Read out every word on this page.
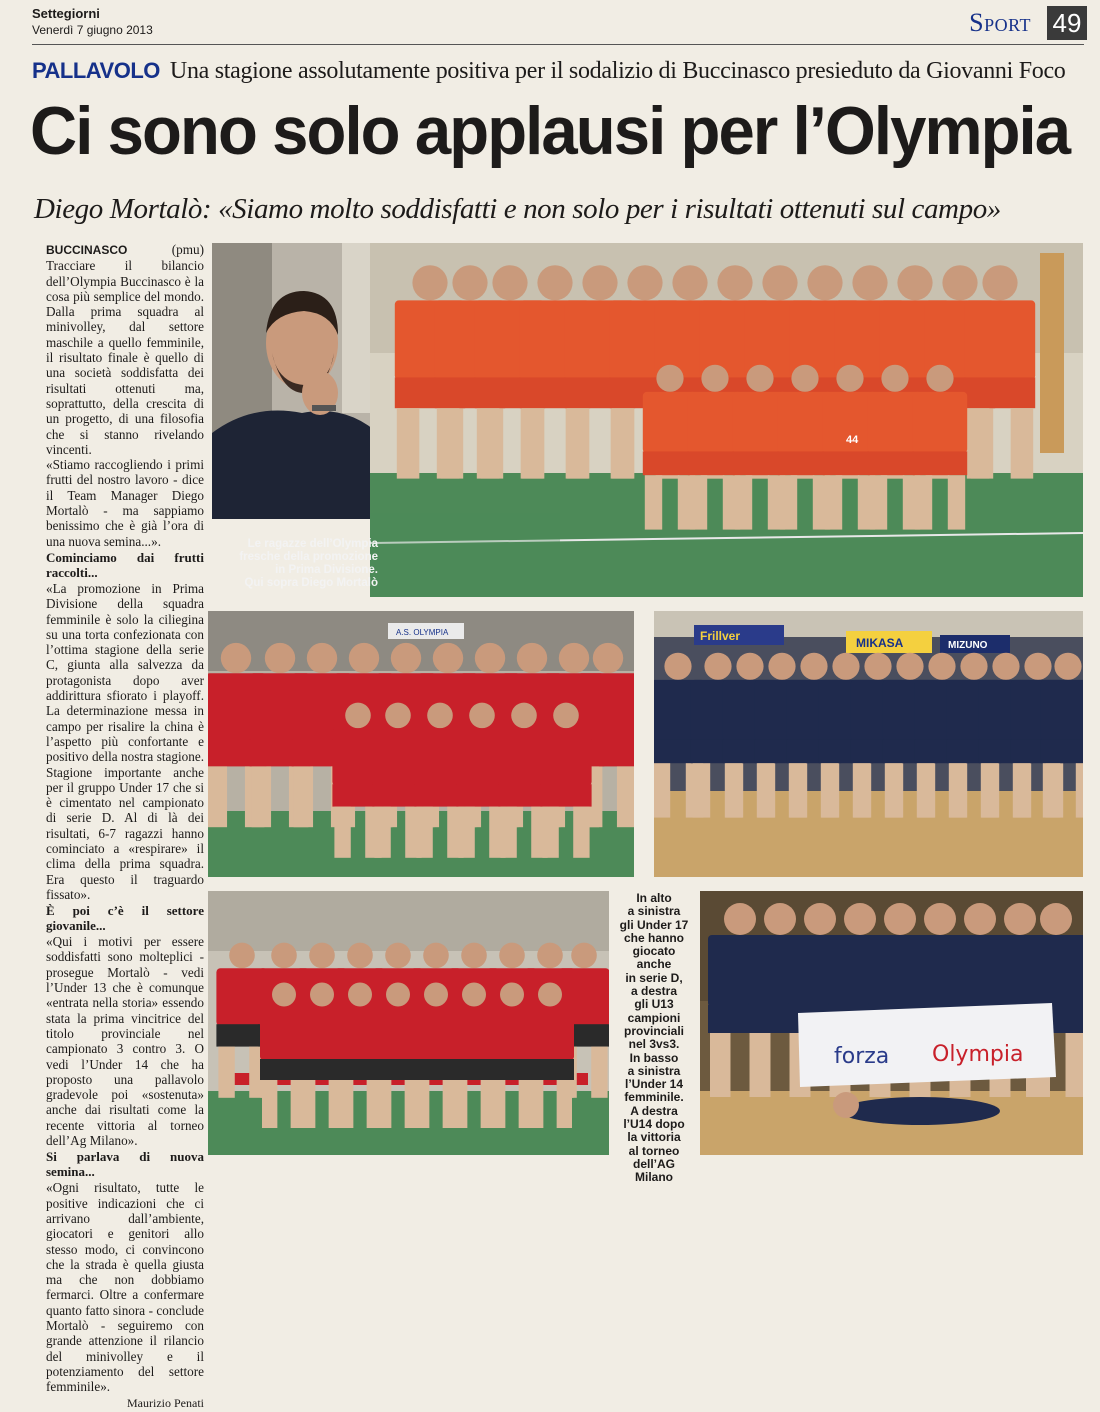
Settegiorni
Venerdì 7 giugno 2013	Sport 49
PALLAVOLO Una stagione assolutamente positiva per il sodalizio di Buccinasco presieduto da Giovanni Foco
Ci sono solo applausi per l’Olympia
Diego Mortalò: «Siamo molto soddisfatti e non solo per i risultati ottenuti sul campo»

BUCCINASCO	(pmu) Tracciare il bilancio dell’Olympia Buccinasco è la cosa più semplice del mondo. Dalla prima squadra al minivolley, dal settore maschile a quello femminile, il risultato finale è quello di una società soddisfatta dei risultati ottenuti ma, soprattutto, della crescita di un progetto, di una filosofia che si stanno rivelando vincenti.

«Stiamo raccogliendo i primi frutti del nostro lavoro - dice il Team Manager Diego Mortalò - ma sappiamo benissimo che è già l’ora di una nuova semina...».

Cominciamo dai frutti raccolti...

«La promozione in Prima Divisione della squadra femminile è solo la ciliegina su una torta confezionata con l’ottima stagione della serie C, giunta alla salvezza da protagonista dopo aver addirittura sfiorato i playoff. La determinazione messa in campo per risalire la china è l’aspetto più confortante e positivo della nostra stagione. Stagione importante anche per il gruppo Under 17 che si è cimentato nel campionato di serie D. Al di là dei risultati, 6-7 ragazzi hanno cominciato a «respirare» il clima della prima squadra. Era questo il traguardo fissato».

È poi c’è il settore giovanile...

«Qui i motivi per essere soddisfatti sono molteplici - prosegue Mortalò - vedi l’Under 13 che è comunque «entrata nella storia» essendo stata la prima vincitrice del titolo provinciale nel campionato 3 contro 3. O vedi l’Under 14 che ha proposto una pallavolo gradevole poi «sostenuta» anche dai risultati come la recente vittoria al torneo dell’Ag Milano».

Si parlava di nuova semina...

«Ogni risultato, tutte le positive indicazioni che ci arrivano dall’ambiente, giocatori e genitori allo stesso modo, ci convincono che la strada è quella giusta ma che non dobbiamo fermarci. Oltre a confermare quanto fatto sinora - conclude Mortalò - seguiremo con grande attenzione il rilancio del minivolley e il potenziamento del settore femminile».

Maurizio Penati
Le ragazze dell’Olympia
fresche della promozione
in Prima Divisione.
Qui sopra Diego Mortalò
44
A.S. OLYMPIA	Frillver	MIKASA	MIZUNO
In alto
a sinistra
gli Under 17
che hanno
giocato anche
in serie D,
a destra
gli U13
campioni
provinciali
nel 3vs3.
In basso
a sinistra
l’Under 14
femminile.
A destra
l’U14 dopo
la vittoria
al torneo
dell’AG
Milano
forza Olympia
